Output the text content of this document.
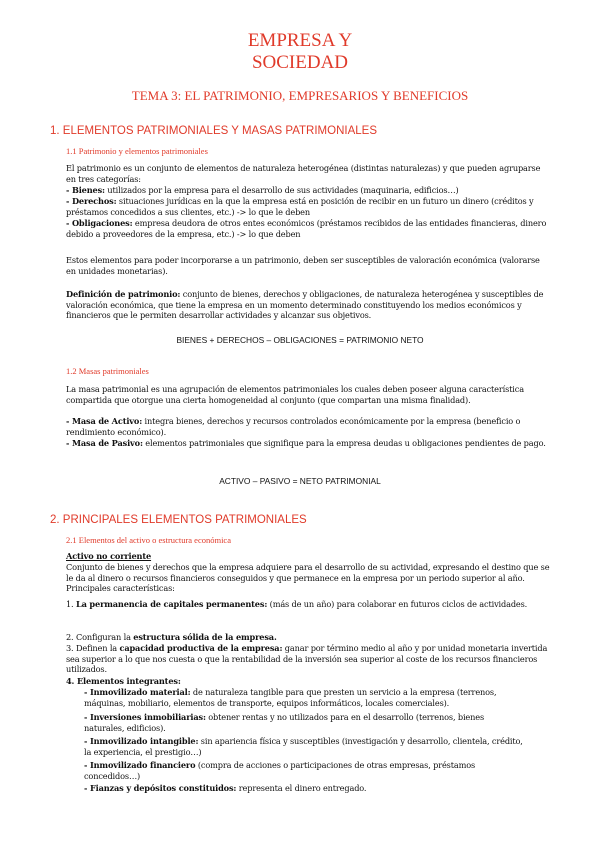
EMPRESA Y
SOCIEDAD
TEMA 3: EL PATRIMONIO, EMPRESARIOS Y BENEFICIOS
1. ELEMENTOS PATRIMONIALES Y MASAS PATRIMONIALES
1.1 Patrimonio y elementos patrimoniales
El patrimonio es un conjunto de elementos de naturaleza heterogénea (distintas naturalezas) y que pueden agruparse en tres categorías:
- Bienes: utilizados por la empresa para el desarrollo de sus actividades (maquinaria, edificios…)
- Derechos: situaciones jurídicas en la que la empresa está en posición de recibir en un futuro un dinero (créditos y préstamos concedidos a sus clientes, etc.) -> lo que le deben
- Obligaciones: empresa deudora de otros entes económicos (préstamos recibidos de las entidades financieras, dinero debido a proveedores de la empresa, etc.) -> lo que deben
Estos elementos para poder incorporarse a un patrimonio, deben ser susceptibles de valoración económica (valorarse en unidades monetarias).
Definición de patrimonio: conjunto de bienes, derechos y obligaciones, de naturaleza heterogénea y susceptibles de valoración económica, que tiene la empresa en un momento determinado constituyendo los medios económicos y financieros que le permiten desarrollar actividades y alcanzar sus objetivos.
BIENES + DERECHOS – OBLIGACIONES = PATRIMONIO NETO
1.2 Masas patrimoniales
La masa patrimonial es una agrupación de elementos patrimoniales los cuales deben poseer alguna característica compartida que otorgue una cierta homogeneidad al conjunto (que compartan una misma finalidad).
- Masa de Activo: integra bienes, derechos y recursos controlados económicamente por la empresa (beneficio o rendimiento económico).
- Masa de Pasivo: elementos patrimoniales que signifique para la empresa deudas u obligaciones pendientes de pago.
ACTIVO – PASIVO = NETO PATRIMONIAL
2. PRINCIPALES ELEMENTOS PATRIMONIALES
2.1 Elementos del activo o estructura económica
Activo no corriente
Conjunto de bienes y derechos que la empresa adquiere para el desarrollo de su actividad, expresando el destino que se le da al dinero o recursos financieros conseguidos y que permanece en la empresa por un periodo superior al año. Principales características:
1. La permanencia de capitales permanentes: (más de un año) para colaborar en futuros ciclos de actividades.
2. Configuran la estructura sólida de la empresa.
3. Definen la capacidad productiva de la empresa: ganar por término medio al año y por unidad monetaria invertida sea superior a lo que nos cuesta o que la rentabilidad de la inversión sea superior al coste de los recursos financieros utilizados.
4. Elementos integrantes:
- Inmovilizado material: de naturaleza tangible para que presten un servicio a la empresa (terrenos, máquinas, mobiliario, elementos de transporte, equipos informáticos, locales comerciales).
- Inversiones inmobiliarias: obtener rentas y no utilizados para en el desarrollo (terrenos, bienes naturales, edificios).
- Inmovilizado intangible: sin apariencia física y susceptibles (investigación y desarrollo, clientela, crédito, la experiencia, el prestigio…)
- Inmovilizado financiero (compra de acciones o participaciones de otras empresas, préstamos concedidos…)
- Fianzas y depósitos constituidos: representa el dinero entregado.
